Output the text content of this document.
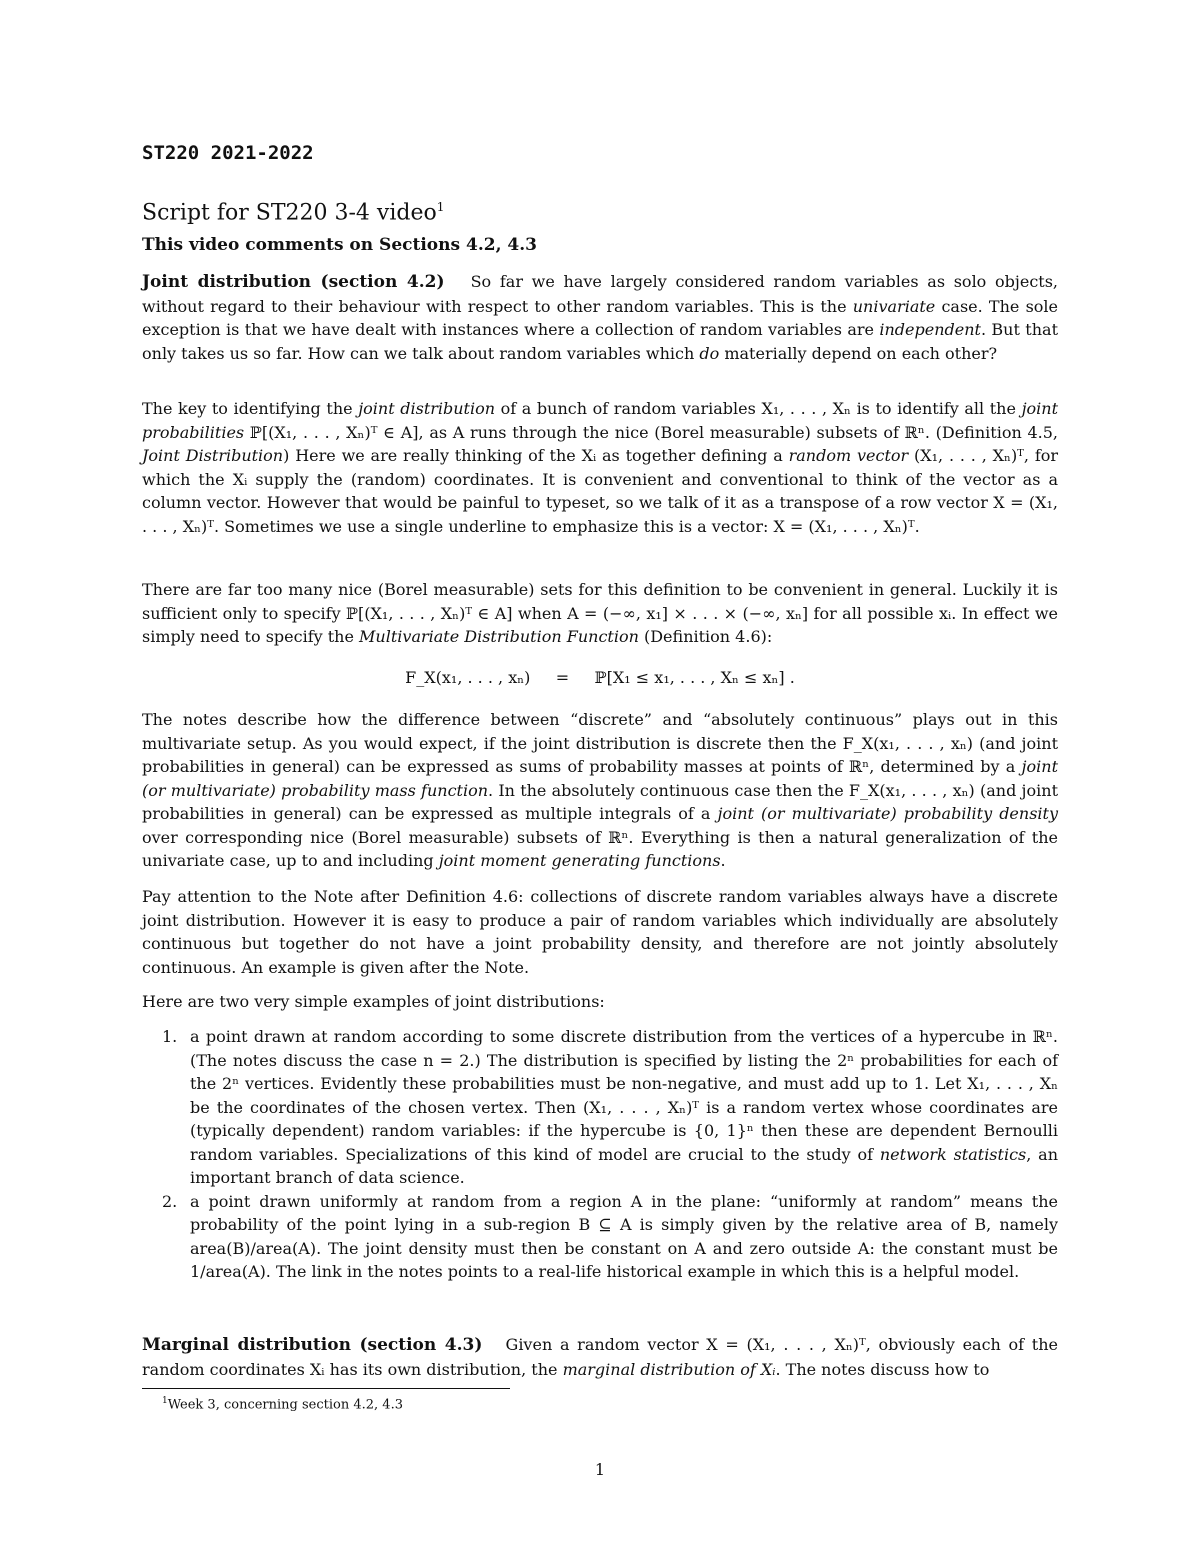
ST220 2021-2022
Script for ST220 3-4 video$^1$
This video comments on Sections 4.2, 4.3

Joint distribution (section 4.2) So far we have largely considered random variables as solo objects, without regard to their behaviour with respect to other random variables. This is the univariate case. The sole exception is that we have dealt with instances where a collection of random variables are independent. But that only takes us so far. How can we talk about random variables which do materially depend on each other?

The key to identifying the joint distribution of a bunch of random variables X₁, . . . , Xₙ is to identify all the joint probabilities ℙ[(X₁, . . . , Xₙ)ᵀ ∈ A], as A runs through the nice (Borel measurable) subsets of ℝⁿ. (Definition 4.5, Joint Distribution) Here we are really thinking of the Xᵢ as together defining a random vector (X₁, . . . , Xₙ)ᵀ, for which the Xᵢ supply the (random) coordinates. It is convenient and conventional to think of the vector as a column vector. However that would be painful to typeset, so we talk of it as a transpose of a row vector X = (X₁, . . . , Xₙ)ᵀ. Sometimes we use a single underline to emphasize this is a vector: X = (X₁, . . . , Xₙ)ᵀ.

There are far too many nice (Borel measurable) sets for this definition to be convenient in general. Luckily it is sufficient only to specify ℙ[(X₁, . . . , Xₙ)ᵀ ∈ A] when A = (−∞, x₁] × . . . × (−∞, xₙ] for all possible xᵢ. In effect we simply need to specify the Multivariate Distribution Function (Definition 4.6):

F_X(x₁, . . . , xₙ)     =     ℙ[X₁ ≤ x₁, . . . , Xₙ ≤ xₙ] .

The notes describe how the difference between “discrete” and “absolutely continuous” plays out in this multivariate setup. As you would expect, if the joint distribution is discrete then the F_X(x₁, . . . , xₙ) (and joint probabilities in general) can be expressed as sums of probability masses at points of ℝⁿ, determined by a joint (or multivariate) probability mass function. In the absolutely continuous case then the F_X(x₁, . . . , xₙ) (and joint probabilities in general) can be expressed as multiple integrals of a joint (or multivariate) probability density over corresponding nice (Borel measurable) subsets of ℝⁿ. Everything is then a natural generalization of the univariate case, up to and including joint moment generating functions.

Pay attention to the Note after Definition 4.6: collections of discrete random variables always have a discrete joint distribution. However it is easy to produce a pair of random variables which individually are absolutely continuous but together do not have a joint probability density, and therefore are not jointly absolutely continuous. An example is given after the Note.

Here are two very simple examples of joint distributions:

1. a point drawn at random according to some discrete distribution from the vertices of a hypercube in ℝⁿ. (The notes discuss the case n = 2.) The distribution is specified by listing the 2ⁿ probabilities for each of the 2ⁿ vertices. Evidently these probabilities must be non-negative, and must add up to 1. Let X₁, . . . , Xₙ be the coordinates of the chosen vertex. Then (X₁, . . . , Xₙ)ᵀ is a random vertex whose coordinates are (typically dependent) random variables: if the hypercube is {0, 1}ⁿ then these are dependent Bernoulli random variables. Specializations of this kind of model are crucial to the study of network statistics, an important branch of data science.
2. a point drawn uniformly at random from a region A in the plane: “uniformly at random” means the probability of the point lying in a sub-region B ⊆ A is simply given by the relative area of B, namely area(B)/area(A). The joint density must then be constant on A and zero outside A: the constant must be 1/area(A). The link in the notes points to a real-life historical example in which this is a helpful model.

Marginal distribution (section 4.3) Given a random vector X = (X₁, . . . , Xₙ)ᵀ, obviously each of the random coordinates Xᵢ has its own distribution, the marginal distribution of Xᵢ. The notes discuss how to

$^1$Week 3, concerning section 4.2, 4.3
1
